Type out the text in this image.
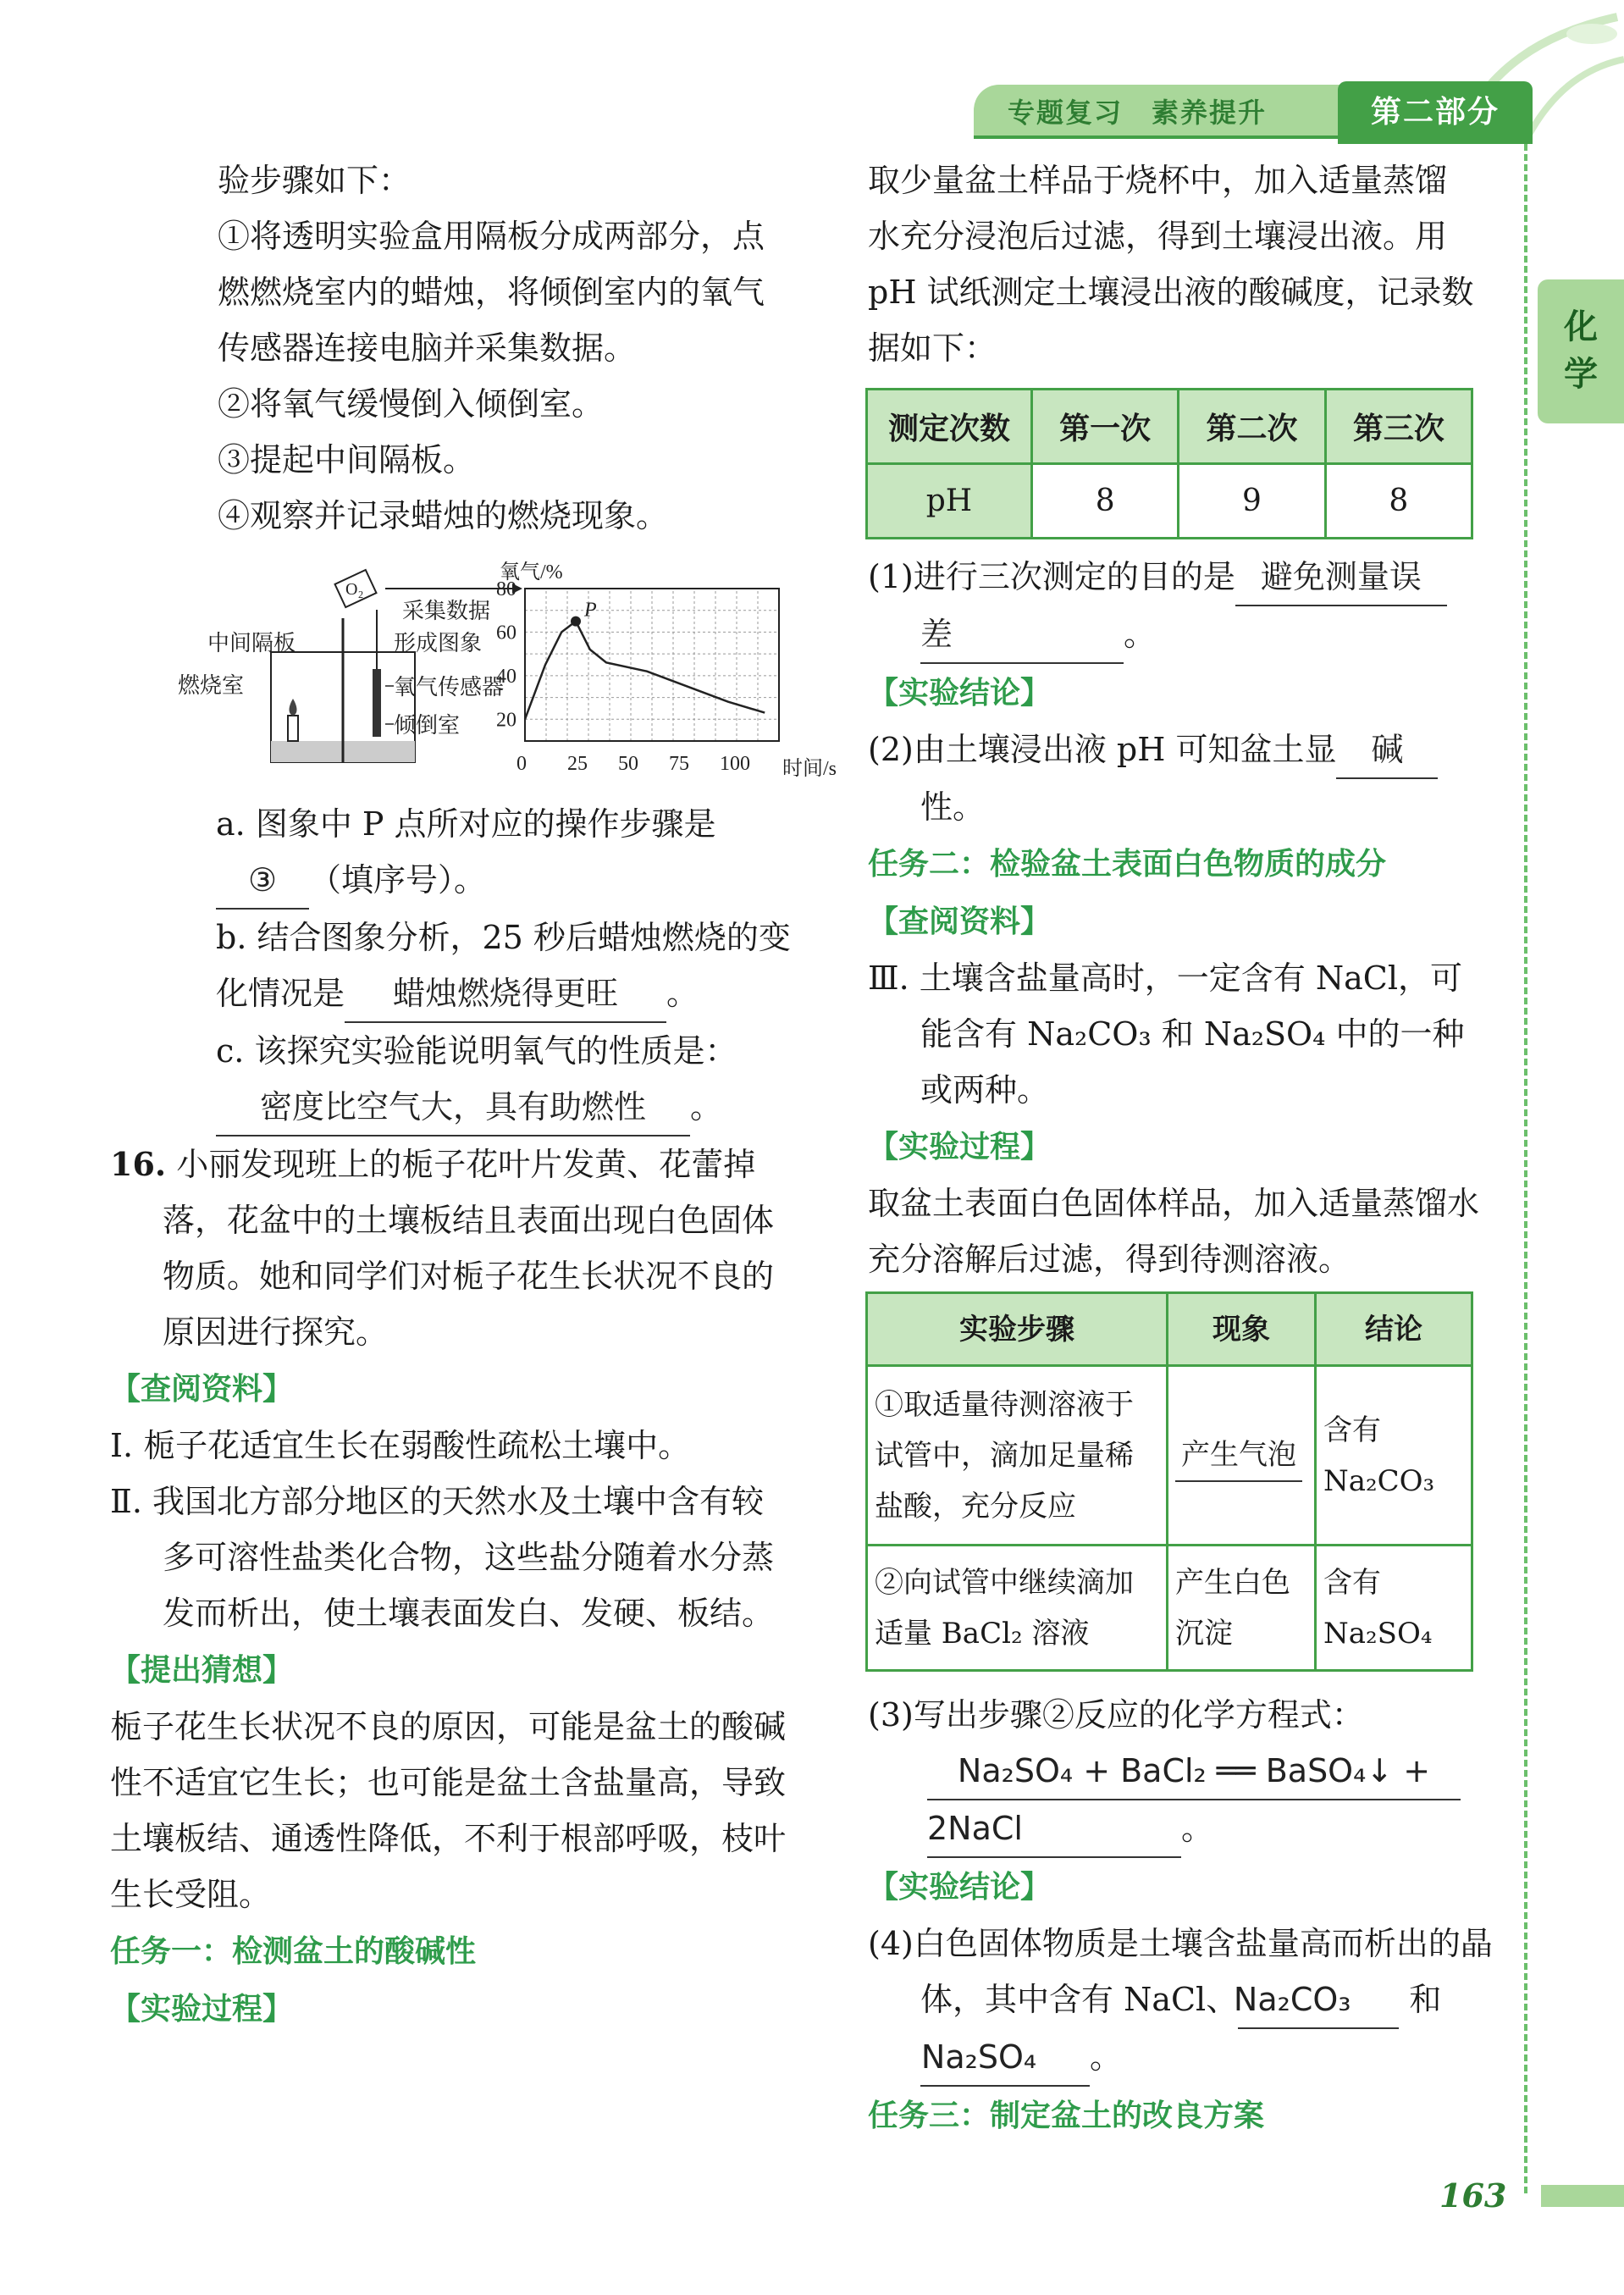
专题复习　素养提升	第二部分
化
学
163

验步骤如下：

①将透明实验盒用隔板分成两部分，点燃燃烧室内的蜡烛，将倾倒室内的氧气传感器连接电脑并采集数据。

②将氧气缓慢倒入倾倒室。

③提起中间隔板。

④观察并记录蜡烛的燃烧现象。

O₂
采集数据
形成图象
中间隔板
燃烧室	氧气传感器
倾倒室 20
40
60
80
0 25 50 75 100
氧气/%
时间/s
P

a. 图象中 P 点所对应的操作步骤是
③ （填序号）。

b. 结合图象分析，25 秒后蜡烛燃烧的变化情况是 蜡烛燃烧得更旺 。

c. 该探究实验能说明氧气的性质是：
密度比空气大，具有助燃性 。

16. 小丽发现班上的栀子花叶片发黄、花蕾掉落，花盆中的土壤板结且表面出现白色固体物质。她和同学们对栀子花生长状况不良的原因进行探究。

【查阅资料】

Ⅰ. 栀子花适宜生长在弱酸性疏松土壤中。

Ⅱ. 我国北方部分地区的天然水及土壤中含有较多可溶性盐类化合物，这些盐分随着水分蒸发而析出，使土壤表面发白、发硬、板结。

【提出猜想】

栀子花生长状况不良的原因，可能是盆土的酸碱性不适宜它生长；也可能是盆土含盐量高，导致土壤板结、通透性降低，不利于根部呼吸，枝叶生长受阻。

任务一：检测盆土的酸碱性

【实验过程】

取少量盆土样品于烧杯中，加入适量蒸馏水充分浸泡后过滤，得到土壤浸出液。用 pH 试纸测定土壤浸出液的酸碱度，记录数据如下：
测定次数	第一次	第二次	第三次
pH	8	9	8

(1)进行三次测定的目的是 避免测量误
差	。

【实验结论】

(2)由土壤浸出液 pH 可知盆土显 碱
性。

任务二：检验盆土表面白色物质的成分

【查阅资料】

Ⅲ. 土壤含盐量高时，一定含有 NaCl，可能含有 Na₂CO₃ 和 Na₂SO₄ 中的一种或两种。

【实验过程】

取盆土表面白色固体样品，加入适量蒸馏水充分溶解后过滤，得到待测溶液。

实验步骤	现象	结论
①取适量待测溶液于试管中，滴加足量稀盐酸，充分反应	产生气泡	含有 Na₂CO₃
②向试管中继续滴加适量 BaCl₂ 溶液	产生白色沉淀	含有 Na₂SO₄

(3)写出步骤②反应的化学方程式：
Na₂SO₄ + BaCl₂ ══ BaSO₄↓ +
2NaCl	。

【实验结论】

(4)白色固体物质是土壤含盐量高而析出的晶体，其中含有 NaCl、Na₂CO₃ 和
Na₂SO₄ 。

任务三：制定盆土的改良方案
